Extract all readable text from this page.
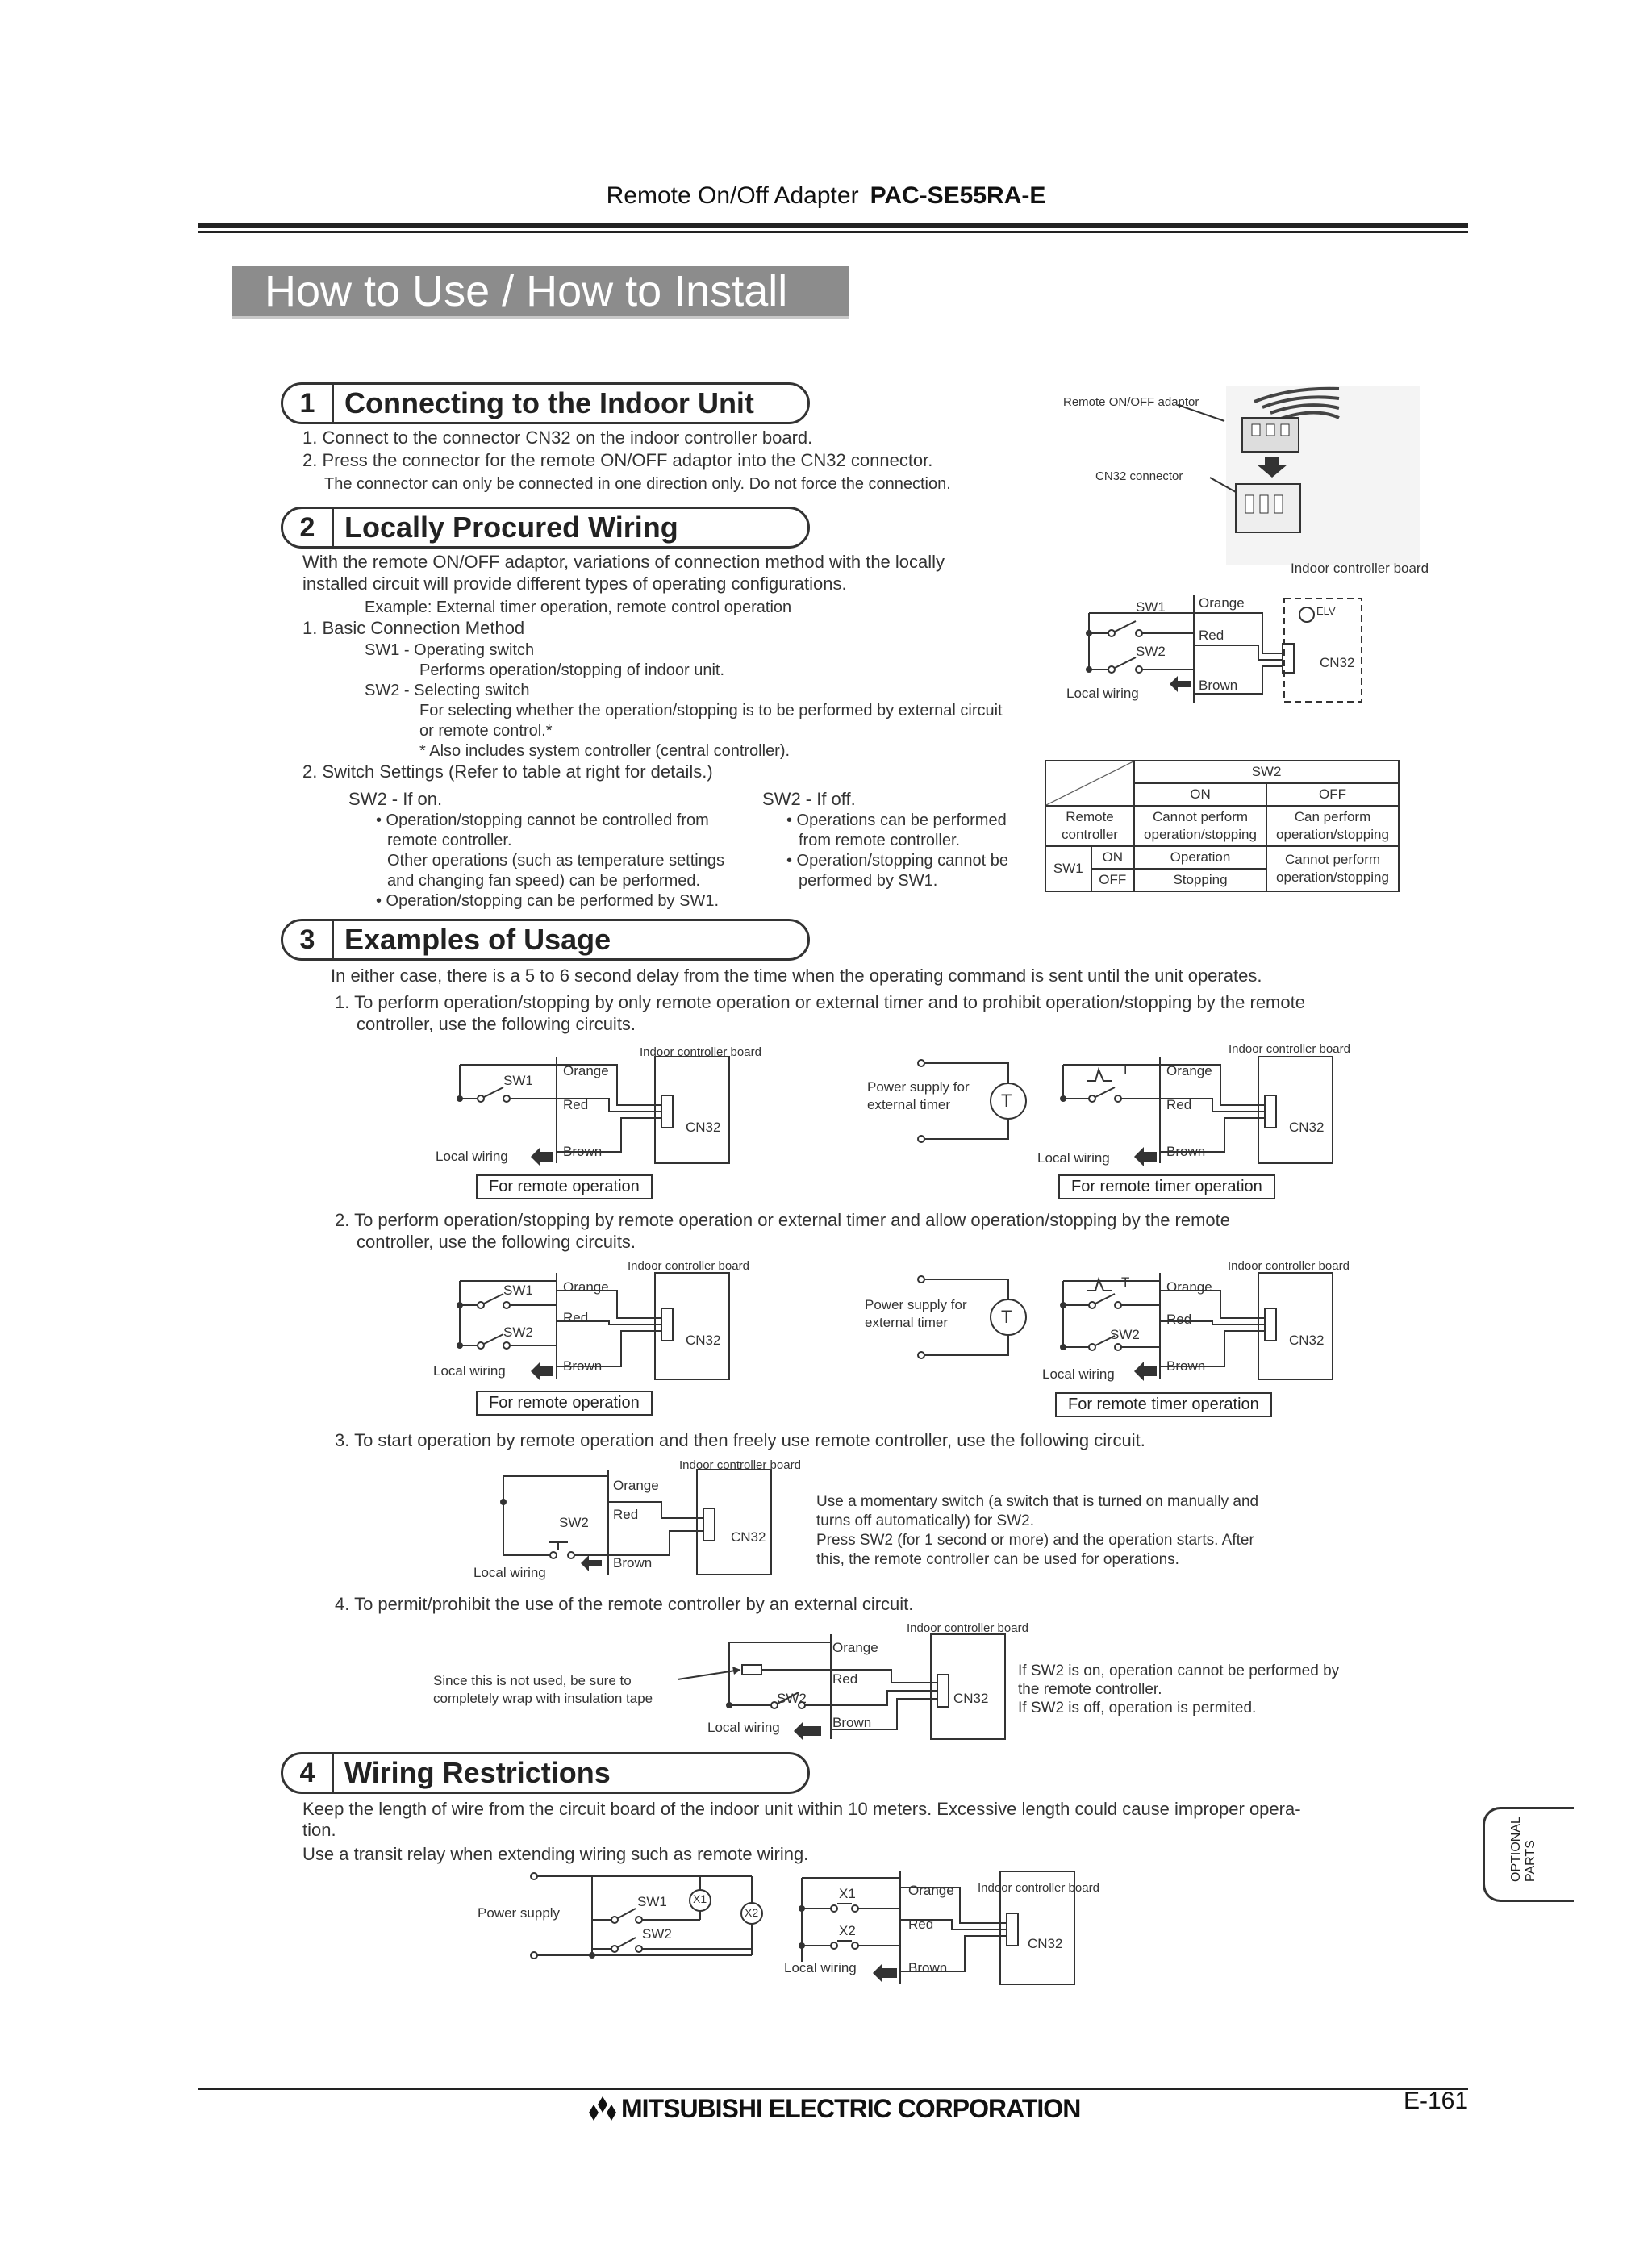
Remote On/Off Adapter PAC-SE55RA-E
How to Use / How to Install
1	Connecting to the Indoor Unit
1. Connect to the connector CN32 on the indoor controller board.
2. Press the connector for the remote ON/OFF adaptor into the CN32 connector.
The connector can only be connected in one direction only. Do not force the connection.
Remote ON/OFF adaptor
CN32 connector
2	Locally Procured Wiring
With the remote ON/OFF adaptor, variations of connection method with the locally
installed circuit will provide different types of operating configurations.
Example: External timer operation, remote control operation
1. Basic Connection Method
SW1 - Operating switch
Performs operation/stopping of indoor unit.
SW2 - Selecting switch
For selecting whether the operation/stopping is to be performed by external circuit
or remote control.*
* Also includes system controller (central controller).
2. Switch Settings (Refer to table at right for details.)
SW2 - If on.
• Operation/stopping cannot be controlled from
remote controller.
Other operations (such as temperature settings
and changing fan speed) can be performed.
• Operation/stopping can be performed by SW1.
SW2 - If off.
• Operations can be performed
from remote controller.
• Operation/stopping cannot be
performed by SW1.
Indoor controller board
SW1
SW2
Orange
Red
Brown
CN32
ELV
Local wiring
		SW2	
		ON	OFF
Remote controller		Cannot perform operation/stopping	Can perform operation/stopping
SW1	ON	Operation	Cannot perform operation/stopping
	OFF	Stopping	
3	Examples of Usage
In either case, there is a 5 to 6 second delay from the time when the operating command is sent until the unit operates.
1. To perform operation/stopping by only remote operation or external timer and to prohibit operation/stopping by the remote
controller, use the following circuits.
Indoor controller board
SW1
Orange
Red
Brown
CN32
Local wiring
For remote operation
Power supply for
external timer	T
Indoor controller board
T	Orange
Red
Brown
CN32
Local wiring
For remote timer operation
2. To perform operation/stopping by remote operation or external timer and allow operation/stopping by the remote
controller, use the following circuits.
Indoor controller board
SW1
SW2
Orange
Red
Brown
CN32
Local wiring
For remote operation
Power supply for
external timer	T
Indoor controller board
T
SW2
Orange
Red
Brown
CN32
Local wiring
For remote timer operation
3. To start operation by remote operation and then freely use remote controller, use the following circuit.
Indoor controller board
SW2
Orange
Red
Brown
CN32
Local wiring
Use a momentary switch (a switch that is turned on manually and
turns off automatically) for SW2.
Press SW2 (for 1 second or more) and the operation starts. After
this, the remote controller can be used for operations.
4. To permit/prohibit the use of the remote controller by an external circuit.
Indoor controller board
Orange
Red
Brown
SW2	CN32
Local wiring
Since this is not used, be sure to
completely wrap with insulation tape
If SW2 is on, operation cannot be performed by
the remote controller.
If SW2 is off, operation is permited.
4	Wiring Restrictions
Keep the length of wire from the circuit board of the indoor unit within 10 meters. Excessive length could cause improper opera-
tion.
Use a transit relay when extending wiring such as remote wiring.
Power supply
SW1
SW2
X1
X2
Indoor controller board
X1
X2
Orange
Red
Brown
CN32
Local wiring
OPTIONAL
PARTS
MITSUBISHI ELECTRIC CORPORATION	E-161
